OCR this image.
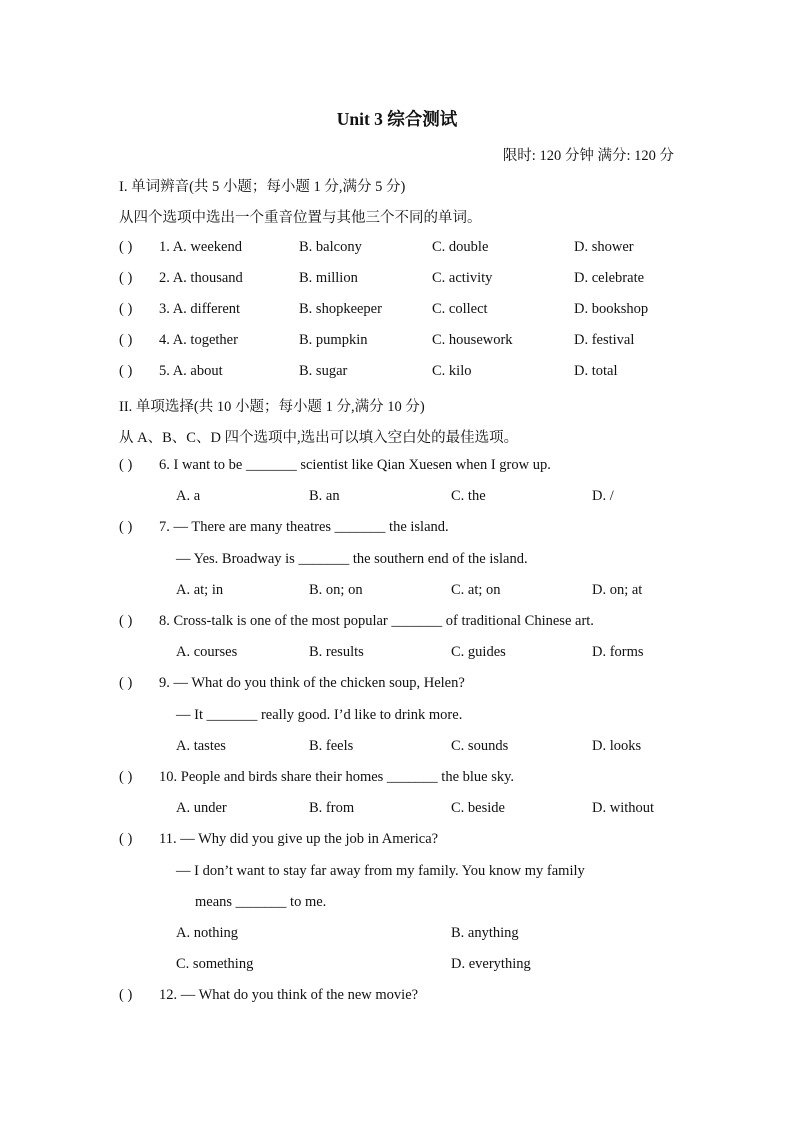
Unit 3 综合测试
限时: 120 分钟 满分: 120 分
I. 单词辨音(共 5 小题；每小题 1 分,满分 5 分)
从四个选项中选出一个重音位置与其他三个不同的单词。
( ) 1. A. weekend	B. balcony	C. double	D. shower
( ) 2. A. thousand	B. million	C. activity	D. celebrate
( ) 3. A. different	B. shopkeeper	C. collect	D. bookshop
( ) 4. A. together	B. pumpkin	C. housework	D. festival
( ) 5. A. about	B. sugar	C. kilo	D. total
II. 单项选择(共 10 小题；每小题 1 分,满分 10 分)
从 A、B、C、D 四个选项中,选出可以填入空白处的最佳选项。
( ) 6. I want to be _______ scientist like Qian Xuesen when I grow up.
A. a	B. an	C. the	D. /
( ) 7. — There are many theatres _______ the island.
— Yes. Broadway is _______ the southern end of the island.
A. at; in	B. on; on	C. at; on	D. on; at
( ) 8. Cross-talk is one of the most popular _______ of traditional Chinese art.
A. courses	B. results	C. guides	D. forms
( ) 9. — What do you think of the chicken soup, Helen?
— It _______ really good. I’d like to drink more.
A. tastes	B. feels	C. sounds	D. looks
( ) 10. People and birds share their homes _______ the blue sky.
A. under	B. from	C. beside	D. without
( ) 11. — Why did you give up the job in America?
— I don’t want to stay far away from my family. You know my family
means _______ to me.
A. nothing	B. anything
C. something	D. everything
( ) 12. — What do you think of the new movie?
